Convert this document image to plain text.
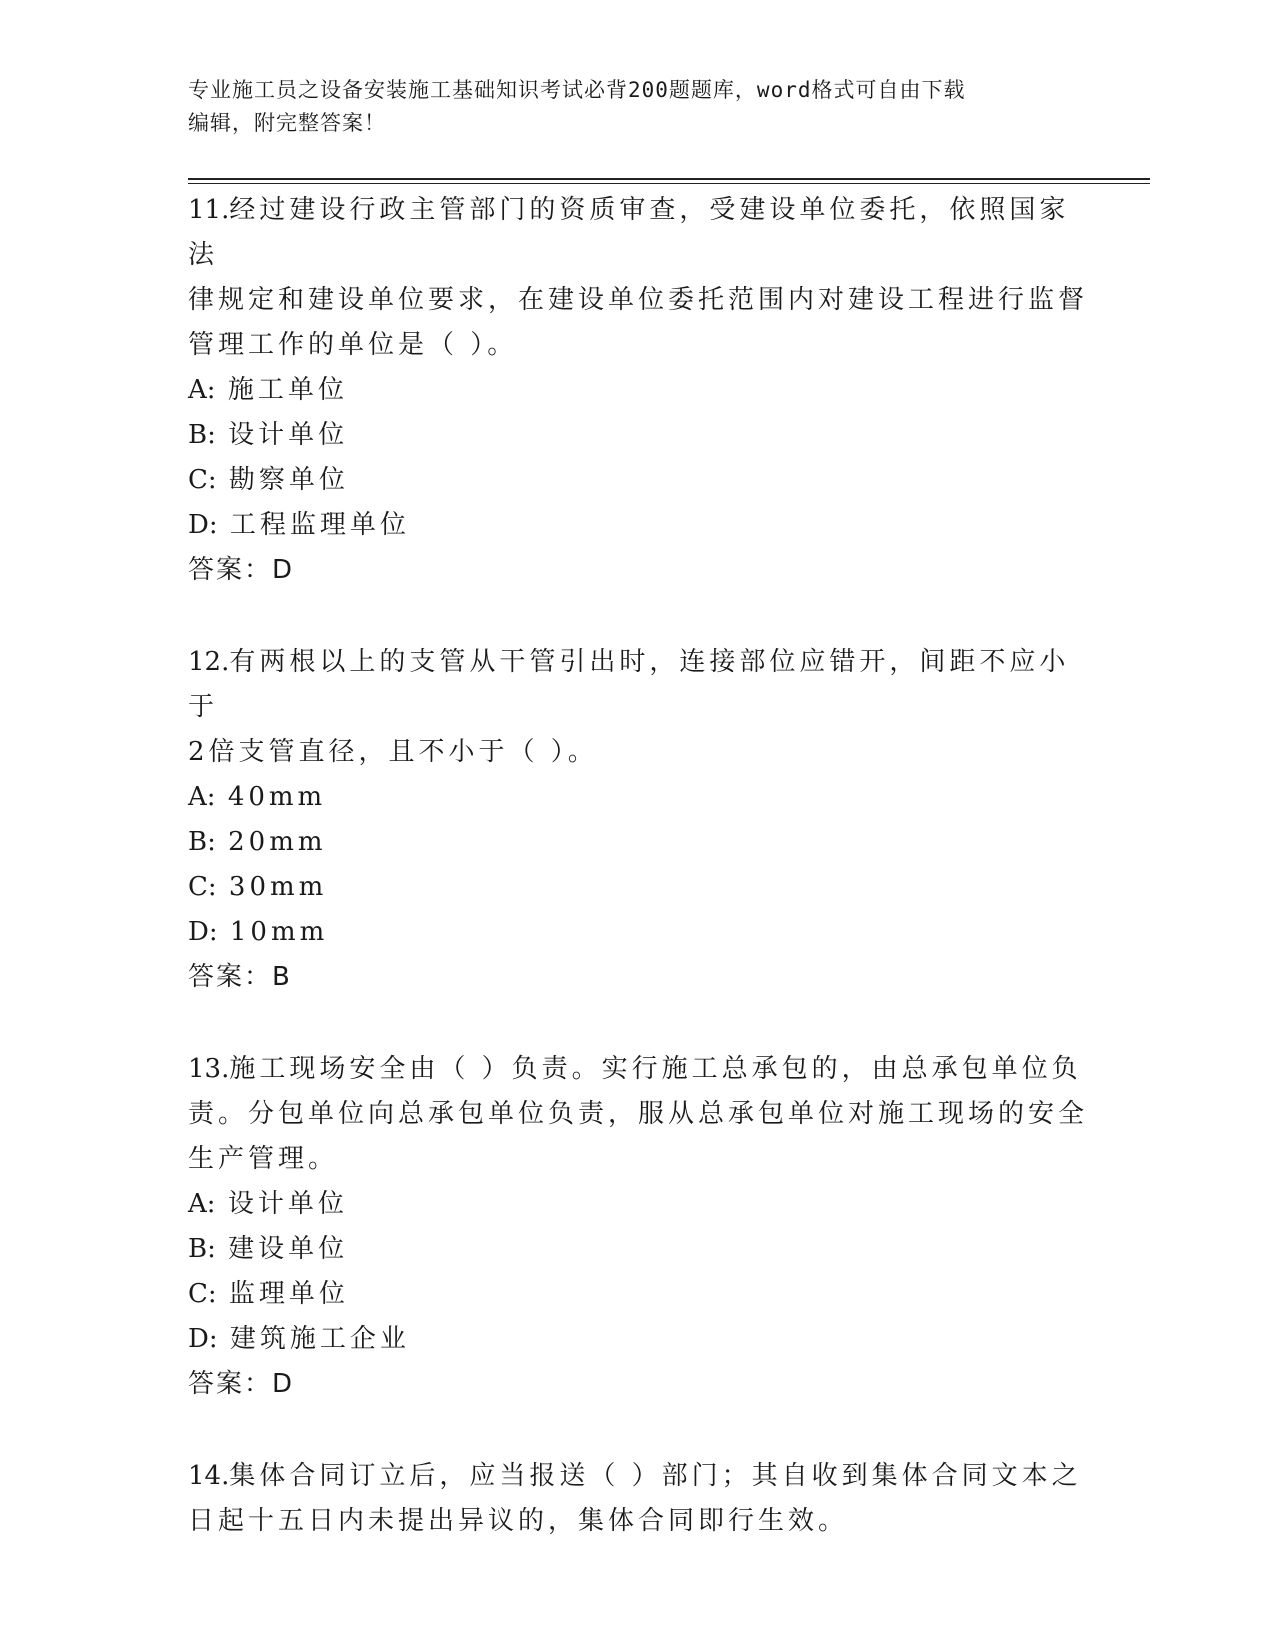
专业施工员之设备安装施工基础知识考试必背200题题库，word格式可自由下载
编辑，附完整答案！

11.经过建设行政主管部门的资质审查，受建设单位委托，依照国家法

律规定和建设单位要求，在建设单位委托范围内对建设工程进行监督

管理工作的单位是（ ）。

A: 施工单位

B: 设计单位

C: 勘察单位

D: 工程监理单位

答案：D

12.有两根以上的支管从干管引出时，连接部位应错开，间距不应小于

2倍支管直径，且不小于（ ）。

A: 40mm

B: 20mm

C: 30mm

D: 10mm

答案：B

13.施工现场安全由（ ）负责。实行施工总承包的，由总承包单位负

责。分包单位向总承包单位负责，服从总承包单位对施工现场的安全

生产管理。

A: 设计单位

B: 建设单位

C: 监理单位

D: 建筑施工企业

答案：D

14.集体合同订立后，应当报送（ ）部门；其自收到集体合同文本之

日起十五日内未提出异议的，集体合同即行生效。
